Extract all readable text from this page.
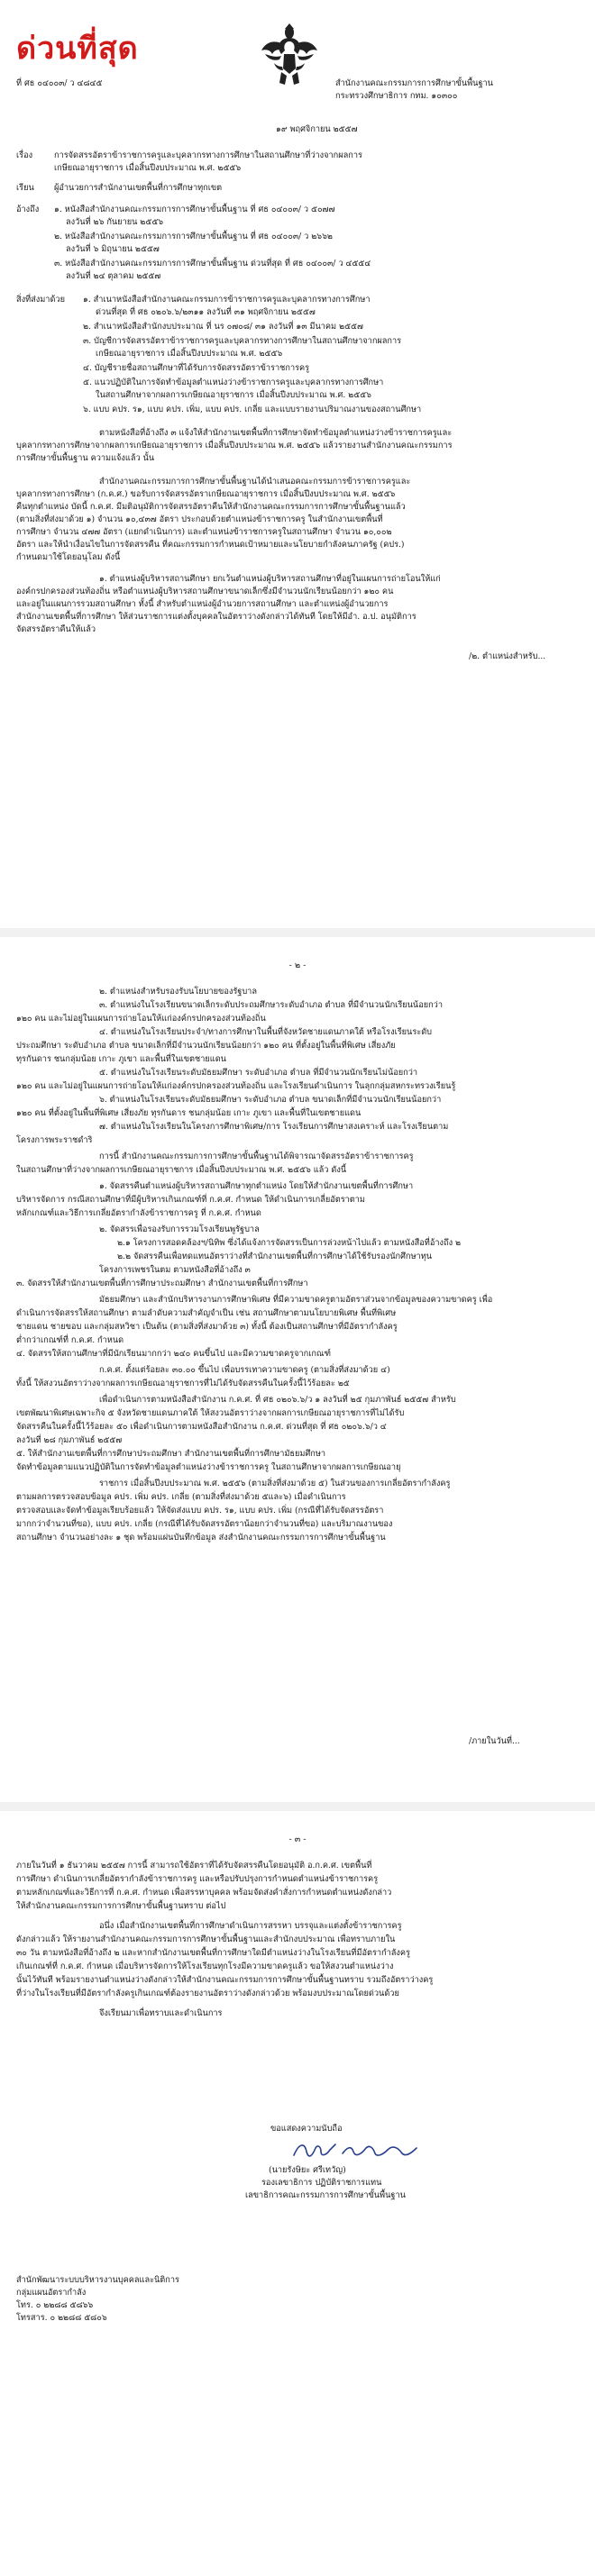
ด่วนที่สุด
ที่ ศธ ๐๔๐๐๓/ ว ๔๘๔๕	สำนักงานคณะกรรมการการศึกษาขั้นพื้นฐาน
กระทรวงศึกษาธิการ กทม. ๑๐๓๐๐
๑๙ พฤศจิกายน ๒๕๕๗
เรื่อง	การจัดสรรอัตราข้าราชการครูและบุคลากรทางการศึกษาในสถานศึกษาที่ว่างจากผลการ
เกษียณอายุราชการ เมื่อสิ้นปีงบประมาณ พ.ศ. ๒๕๕๖
เรียน ผู้อำนวยการสำนักงานเขตพื้นที่การศึกษาทุกเขต
อ้างถึง ๑. หนังสือสำนักงานคณะกรรมการการศึกษาขั้นพื้นฐาน ที่ ศธ ๐๔๐๐๓/ ว ๕๐๗๗
ลงวันที่ ๒๖ กันยายน ๒๕๕๖
๒. หนังสือสำนักงานคณะกรรมการการศึกษาขั้นพื้นฐาน ที่ ศธ ๐๔๐๐๓/ ว ๒๖๖๒
ลงวันที่ ๖ มิถุนายน ๒๕๕๗
๓. หนังสือสำนักงานคณะกรรมการการศึกษาขั้นพื้นฐาน ด่วนที่สุด ที่ ศธ ๐๔๐๐๓/ ว ๔๕๕๔
ลงวันที่ ๒๔ ตุลาคม ๒๕๕๗
สิ่งที่ส่งมาด้วย ๑. สำเนาหนังสือสำนักงานคณะกรรมการข้าราชการครูและบุคลากรทางการศึกษา
ด่วนที่สุด ที่ ศธ ๐๒๐๖.๖/๒๓๑๑ ลงวันที่ ๓๑ พฤศจิกายน ๒๕๕๗
๒. สำเนาหนังสือสำนักงบประมาณ ที่ นร ๐๗๐๘/ ๓๑ ลงวันที่ ๑๓ มีนาคม ๒๕๕๗
๓. บัญชีการจัดสรรอัตราข้าราชการครูและบุคลากรทางการศึกษาในสถานศึกษาจากผลการ
เกษียณอายุราชการ เมื่อสิ้นปีงบประมาณ พ.ศ. ๒๕๕๖
๔. บัญชีรายชื่อสถานศึกษาที่ได้รับการจัดสรรอัตราข้าราชการครู
๕. แนวปฏิบัติในการจัดทำข้อมูลตำแหน่งว่างข้าราชการครูและบุคลากรทางการศึกษา
ในสถานศึกษาจากผลการเกษียณอายุราชการ เมื่อสิ้นปีงบประมาณ พ.ศ. ๒๕๕๖
๖. แบบ คปร. ร๑, แบบ คปร. เพิ่ม, แบบ คปร. เกลี่ย และแบบรายงานปริมาณงานของสถานศึกษา
ตามหนังสือที่อ้างถึง ๓ แจ้งให้สำนักงานเขตพื้นที่การศึกษาจัดทำข้อมูลตำแหน่งว่างข้าราชการครูและ
บุคลากรทางการศึกษาจากผลการเกษียณอายุราชการ เมื่อสิ้นปีงบประมาณ พ.ศ. ๒๕๕๖ แล้วรายงานสำนักงานคณะกรรมการ
การศึกษาขั้นพื้นฐาน ความแจ้งแล้ว นั้น
สำนักงานคณะกรรมการการศึกษาขั้นพื้นฐานได้นำเสนอคณะกรรมการข้าราชการครูและ
บุคลากรทางการศึกษา (ก.ค.ศ.) ขอรับการจัดสรรอัตราเกษียณอายุราชการ เมื่อสิ้นปีงบประมาณ พ.ศ. ๒๕๕๖
คืนทุกตำแหน่ง บัดนี้ ก.ค.ศ. มีมติอนุมัติการจัดสรรอัตราคืนให้สำนักงานคณะกรรมการการศึกษาขั้นพื้นฐานแล้ว
(ตามสิ่งที่ส่งมาด้วย ๑) จำนวน ๑๐,๔๓๗ อัตรา ประกอบด้วยตำแหน่งข้าราชการครู ในสำนักงานเขตพื้นที่
การศึกษา จำนวน ๔๗๗ อัตรา (แยกดำเนินการ) และตำแหน่งข้าราชการครูในสถานศึกษา จำนวน ๑๐,๐๐๒
อัตรา และให้นำเงื่อนไขในการจัดสรรคืน ที่คณะกรรมการกำหนดเป้าหมายและนโยบายกำลังคนภาครัฐ (คปร.)
กำหนดมาใช้โดยอนุโลม ดังนี้
๑. ตำแหน่งผู้บริหารสถานศึกษา ยกเว้นตำแหน่งผู้บริหารสถานศึกษาที่อยู่ในแผนการถ่ายโอนให้แก่
องค์กรปกครองส่วนท้องถิ่น หรือตำแหน่งผู้บริหารสถานศึกษาขนาดเล็กซึ่งมีจำนวนนักเรียนน้อยกว่า ๑๒๐ คน
และอยู่ในแผนการรวมสถานศึกษา ทั้งนี้ สำหรับตำแหน่งผู้อำนวยการสถานศึกษา และตำแหน่งผู้อำนวยการ
สำนักงานเขตพื้นที่การศึกษา ให้ส่วนราชการแต่งตั้งบุคคลในอัตราว่างดังกล่าวได้ทันที โดยให้มีอำ. อ.ป. อนุมัติการ
จัดสรรอัตราคืนให้แล้ว
/๒. ตำแหน่งสำหรับ...
- ๒ -
๒. ตำแหน่งสำหรับรองรับนโยบายของรัฐบาล
๓. ตำแหน่งในโรงเรียนขนาดเล็กระดับประถมศึกษาระดับอำเภอ ตำบล ที่มีจำนวนนักเรียนน้อยกว่า
๑๒๐ คน และไม่อยู่ในแผนการถ่ายโอนให้แก่องค์กรปกครองส่วนท้องถิ่น
๔. ตำแหน่งในโรงเรียนประจำ/ทางการศึกษาในพื้นที่จังหวัดชายแดนภาคใต้ หรือโรงเรียนระดับ
ประถมศึกษา ระดับอำเภอ ตำบล ขนาดเล็กที่มีจำนวนนักเรียนน้อยกว่า ๑๒๐ คน ที่ตั้งอยู่ในพื้นที่พิเศษ เสี่ยงภัย
ทุรกันดาร ชนกลุ่มน้อย เกาะ ภูเขา และพื้นที่ในเขตชายแดน
๕. ตำแหน่งในโรงเรียนระดับมัธยมศึกษา ระดับอำเภอ ตำบล ที่มีจำนวนนักเรียนไม่น้อยกว่า
๑๒๐ คน และไม่อยู่ในแผนการถ่ายโอนให้แก่องค์กรปกครองส่วนท้องถิ่น และโรงเรียนดำเนินการ ในลุกกลุ่มสหกระทรวงเรียนรู้
๖. ตำแหน่งในโรงเรียนระดับมัธยมศึกษา ระดับอำเภอ ตำบล ขนาดเล็กที่มีจำนวนนักเรียนน้อยกว่า
๑๒๐ คน ที่ตั้งอยู่ในพื้นที่พิเศษ เสี่ยงภัย ทุรกันดาร ชนกลุ่มน้อย เกาะ ภูเขา และพื้นที่ในเขตชายแดน
๗. ตำแหน่งในโรงเรียนในโครงการศึกษาพิเศษ/การ โรงเรียนการศึกษาสงเคราะห์ และโรงเรียนตาม
โครงการพระราชดำริ
การนี้ สำนักงานคณะกรรมการการศึกษาขั้นพื้นฐานได้พิจารณาจัดสรรอัตราข้าราชการครู
ในสถานศึกษาที่ว่างจากผลการเกษียณอายุราชการ เมื่อสิ้นปีงบประมาณ พ.ศ. ๒๕๕๖ แล้ว ดังนี้
๑. จัดสรรคืนตำแหน่งผู้บริหารสถานศึกษาทุกตำแหน่ง โดยให้สำนักงานเขตพื้นที่การศึกษา
บริหารจัดการ กรณีสถานศึกษาที่มีผู้บริหารเกินเกณฑ์ที่ ก.ค.ศ. กำหนด ให้ดำเนินการเกลี่ยอัตราตาม
หลักเกณฑ์และวิธีการเกลี่ยอัตรากำลังข้าราชการครู ที่ ก.ค.ศ. กำหนด
๒. จัดสรรเพื่อรองรับการรวมโรงเรียนพูรัฐบาล
๒.๑ โครงการสอดคล้องฯ/นิทิพ ซึ่งได้แจ้งการจัดสรรเป็นการล่วงหน้าไปแล้ว ตามหนังสือที่อ้างถึง ๒
๒.๒ จัดสรรคืนเพื่อทดแทนอัตราว่างที่สำนักงานเขตพื้นที่การศึกษาได้ใช้รับรองนักศึกษาทุน
โครงการเพชรในตม ตามหนังสือที่อ้างถึง ๓
๓. จัดสรรให้สำนักงานเขตพื้นที่การศึกษาประถมศึกษา สำนักงานเขตพื้นที่การศึกษา
มัธยมศึกษา และสำนักบริหารงานการศึกษาพิเศษ ที่มีความขาดครูตามอัตราส่วนจากข้อมูลของความขาดครู เพื่อ
ดำเนินการจัดสรรให้สถานศึกษา ตามลำดับความสำคัญจำเป็น เช่น สถานศึกษาตามนโยบายพิเศษ พื้นที่พิเศษ
ชายแดน ชายขอบ และกลุ่มสหวิชา เป็นต้น (ตามสิ่งที่ส่งมาด้วย ๓) ทั้งนี้ ต้องเป็นสถานศึกษาที่มีอัตรากำลังครู
ต่ำกว่าเกณฑ์ที่ ก.ค.ศ. กำหนด
๔. จัดสรรให้สถานศึกษาที่มีนักเรียนมากกว่า ๒๔๐ คนขึ้นไป และมีความขาดครูจากเกณฑ์
ก.ค.ศ. ตั้งแต่ร้อยละ ๓๐.๐๐ ขึ้นไป เพื่อบรรเทาความขาดครู (ตามสิ่งที่ส่งมาด้วย ๔)
ทั้งนี้ ให้สงวนอัตราว่างจากผลการเกษียณอายุราชการที่ไม่ได้รับจัดสรรคืนในครั้งนี้ไว้ร้อยละ ๒๕
เพื่อดำเนินการตามหนังสือสำนักงาน ก.ค.ศ. ที่ ศธ ๐๒๐๖.๖/ว ๑ ลงวันที่ ๒๕ กุมภาพันธ์ ๒๕๕๗ สำหรับ
เขตพัฒนาพิเศษเฉพาะกิจ ๕ จังหวัดชายแดนภาคใต้ ให้สงวนอัตราว่างจากผลการเกษียณอายุราชการที่ไม่ได้รับ
จัดสรรคืนในครั้งนี้ไว้ร้อยละ ๕๐ เพื่อดำเนินการตามหนังสือสำนักงาน ก.ค.ศ. ด่วนที่สุด ที่ ศธ ๐๒๐๖.๖/ว ๔
ลงวันที่ ๒๘ กุมภาพันธ์ ๒๕๕๗
๕. ให้สำนักงานเขตพื้นที่การศึกษาประถมศึกษา สำนักงานเขตพื้นที่การศึกษามัธยมศึกษา
จัดทำข้อมูลตามแนวปฏิบัติในการจัดทำข้อมูลตำแหน่งว่างข้าราชการครู ในสถานศึกษาจากผลการเกษียณอายุ
ราชการ เมื่อสิ้นปีงบประมาณ พ.ศ. ๒๕๕๖ (ตามสิ่งที่ส่งมาด้วย ๕) ในส่วนของการเกลี่ยอัตรากำลังครู
ตามผลการตรวจสอบข้อมูล คปร. เพิ่ม คปร. เกลี่ย (ตามสิ่งที่ส่งมาด้วย ๕และ๖) เมื่อดำเนินการ
ตรวจสอบและจัดทำข้อมูลเรียบร้อยแล้ว ให้จัดส่งแบบ คปร. ร๑, แบบ คปร. เพิ่ม (กรณีที่ได้รับจัดสรรอัตรา
มากกว่าจำนวนที่ขอ), แบบ คปร. เกลี่ย (กรณีที่ได้รับจัดสรรอัตราน้อยกว่าจำนวนที่ขอ) และบริมาณงานของ
สถานศึกษา จำนวนอย่างละ ๑ ชุด พร้อมแผ่นบันทึกข้อมูล ส่งสำนักงานคณะกรรมการการศึกษาขั้นพื้นฐาน
/ภายในวันที่...
- ๓ -
ภายในวันที่ ๑ ธันวาคม ๒๕๕๗ การนี้ สามารถใช้อัตราที่ได้รับจัดสรรคืนโดยอนุมัติ อ.ก.ค.ศ. เขตพื้นที่
การศึกษา ดำเนินการเกลี่ยอัตรากำลังข้าราชการครู และหรือปรับปรุงการกำหนดตำแหน่งข้าราชการครู
ตามหลักเกณฑ์และวิธีการที่ ก.ค.ศ. กำหนด เพื่อสรรหาบุคคล พร้อมจัดส่งคำสั่งการกำหนดตำแหน่งดังกล่าว
ให้สำนักงานคณะกรรมการการศึกษาขั้นพื้นฐานทราบ ต่อไป
อนึ่ง เมื่อสำนักงานเขตพื้นที่การศึกษาดำเนินการสรรหา บรรจุและแต่งตั้งข้าราชการครู
ดังกล่าวแล้ว ให้รายงานสำนักงานคณะกรรมการการศึกษาขั้นพื้นฐานและสำนักงบประมาณ เพื่อทราบภายใน
๓๐ วัน ตามหนังสือที่อ้างถึง ๒ และหากสำนักงานเขตพื้นที่การศึกษาใดมีตำแหน่งว่างในโรงเรียนที่มีอัตรากำลังครู
เกินเกณฑ์ที่ ก.ค.ศ. กำหนด เมื่อบริหารจัดการให้โรงเรียนทุกโรงมีความขาดครูแล้ว ขอให้สงวนตำแหน่งว่าง
นั้นไว้ทันที พร้อมรายงานตำแหน่งว่างดังกล่าวให้สำนักงานคณะกรรมการการศึกษาขั้นพื้นฐานทราบ รวมถึงอัตราว่างครู
ที่ว่างในโรงเรียนที่มีอัตรากำลังครูเกินเกณฑ์ต้องรายงานอัตราว่างดังกล่าวด้วย พร้อมงบประมาณโดยด่วนด้วย
จึงเรียนมาเพื่อทราบและดำเนินการ
ขอแสดงความนับถือ
(นายรังษิยะ ศรีเทวัญ)
รองเลขาธิการ ปฏิบัติราชการแทน
เลขาธิการคณะกรรมการการศึกษาขั้นพื้นฐาน
สำนักพัฒนาระบบบริหารงานบุคคลและนิติการ
กลุ่มแผนอัตรากำลัง
โทร. ๐ ๒๒๘๘ ๕๘๖๖
โทรสาร. ๐ ๒๒๘๘ ๕๘๐๖
